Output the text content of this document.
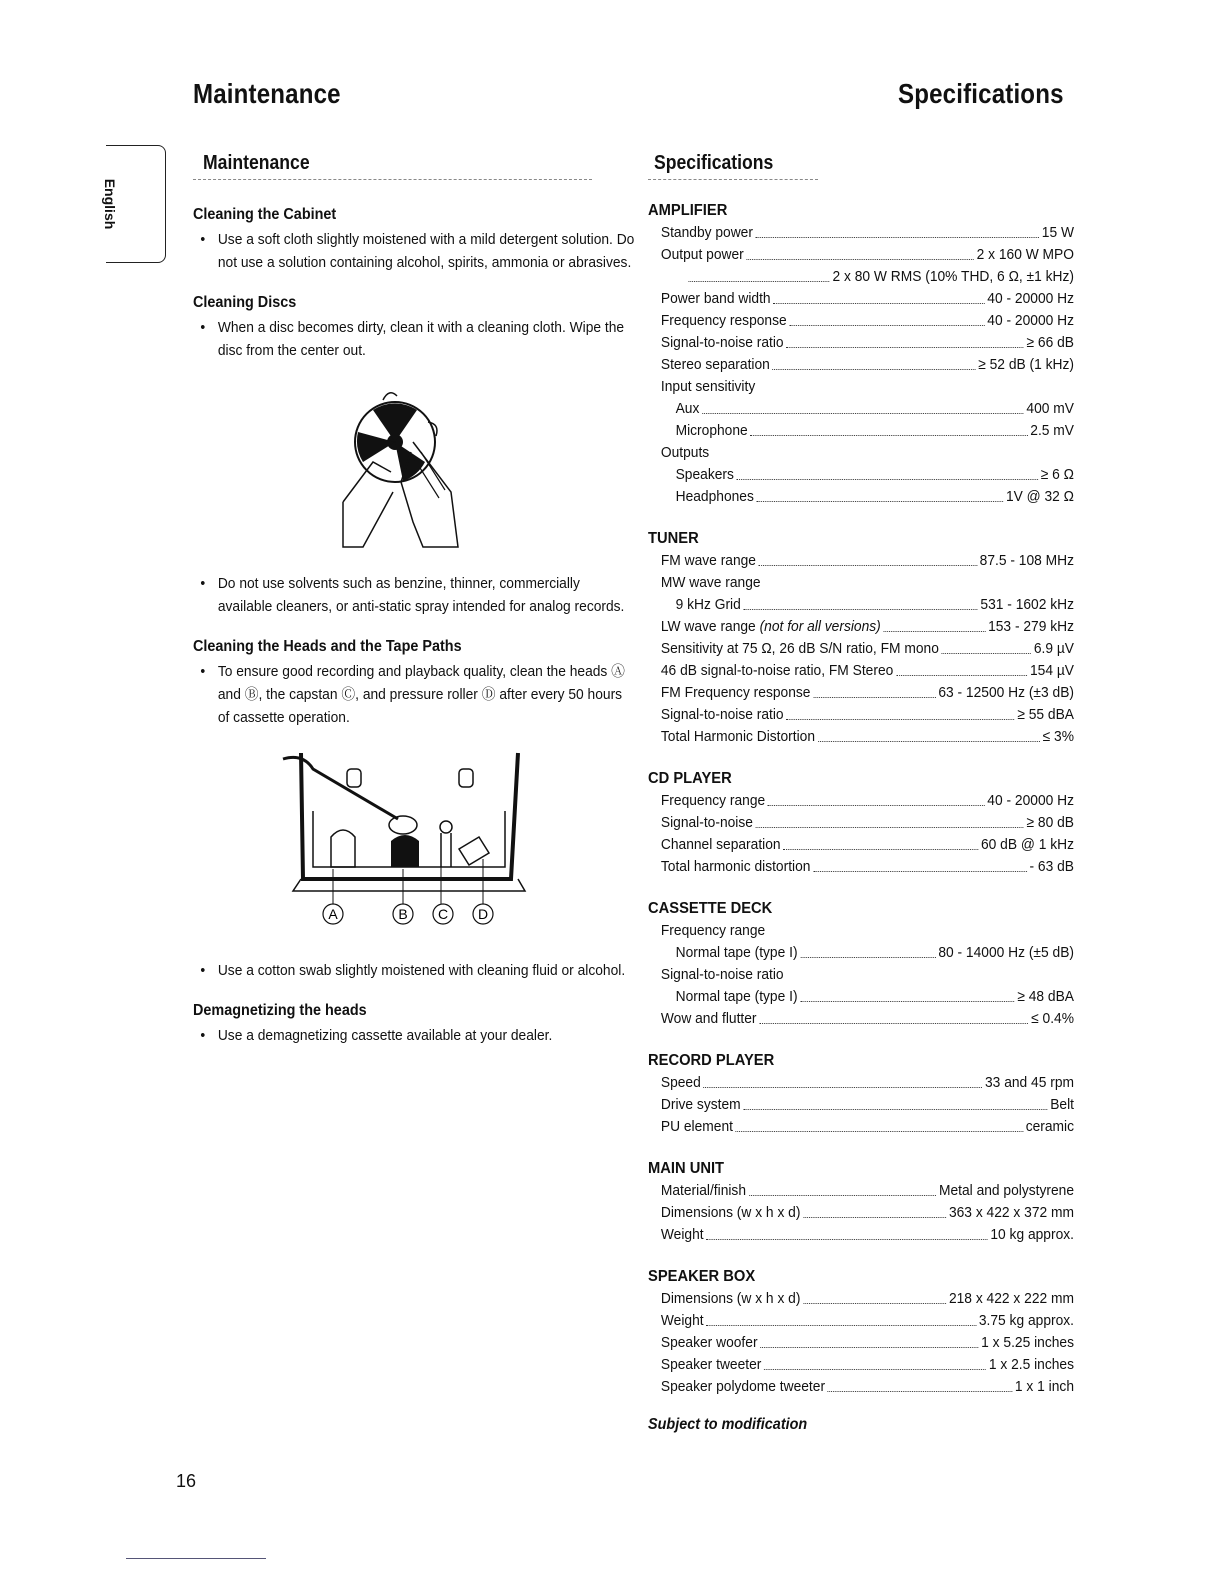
Maintenance	Specifications
English
Maintenance
Cleaning the Cabinet
• Use a soft cloth slightly moistened with a mild detergent solution. Do not use a solution containing alcohol, spirits, ammonia or abrasives.
Cleaning Discs
• When a disc becomes dirty, clean it with a cleaning cloth. Wipe the disc from the center out.
• Do not use solvents such as benzine, thinner, commercially available cleaners, or anti-static spray intended for analog records.
Cleaning the Heads and the Tape Paths
• To ensure good recording and playback quality, clean the heads Ⓐ and Ⓑ, the capstan Ⓒ, and pressure roller Ⓓ after every 50 hours of cassette operation.
A	B C D
• Use a cotton swab slightly moistened with cleaning fluid or alcohol.
Demagnetizing the heads
• Use a demagnetizing cassette available at your dealer.
Specifications
AMPLIFIER
Standby power	15 W
Output power	2 x 160 W MPO
2 x 80 W RMS (10% THD, 6 Ω, ±1 kHz)
Power band width	40 - 20000 Hz
Frequency response	40 - 20000 Hz
Signal-to-noise ratio	≥ 66 dB
Stereo separation	≥ 52 dB (1 kHz)
Input sensitivity
Aux	400 mV
Microphone	2.5 mV
Outputs
Speakers	≥ 6 Ω
Headphones	1V @ 32 Ω
TUNER
FM wave range	87.5 - 108 MHz
MW wave range
9 kHz Grid	531 - 1602 kHz
LW wave range
(not for all versions)	153 - 279 kHz
Sensitivity at 75 Ω, 26 dB S/N ratio, FM mono	6.9 µV
46 dB signal-to-noise ratio, FM Stereo	154 µV
FM Frequency response	63 - 12500 Hz (±3 dB)
Signal-to-noise ratio	≥ 55 dBA
Total Harmonic Distortion	≤ 3%
CD PLAYER
Frequency range	40 - 20000 Hz
Signal-to-noise	≥ 80 dB
Channel separation	60 dB @ 1 kHz
Total harmonic distortion	- 63 dB
CASSETTE DECK
Frequency range
Normal tape (type I)	80 - 14000 Hz (±5 dB)
Signal-to-noise ratio
Normal tape (type I)	≥ 48 dBA
Wow and flutter	≤ 0.4%
RECORD PLAYER
Speed	33 and 45 rpm
Drive system	Belt
PU element	ceramic
MAIN UNIT
Material/finish	Metal and polystyrene
Dimensions (w x h x d)	363 x 422 x 372 mm
Weight	10 kg approx.
SPEAKER BOX
Dimensions (w x h x d)	218 x 422 x 222 mm
Weight	3.75 kg approx.
Speaker woofer	1 x 5.25 inches
Speaker tweeter	1 x 2.5 inches
Speaker polydome tweeter	1 x 1 inch
Subject to modification
16
